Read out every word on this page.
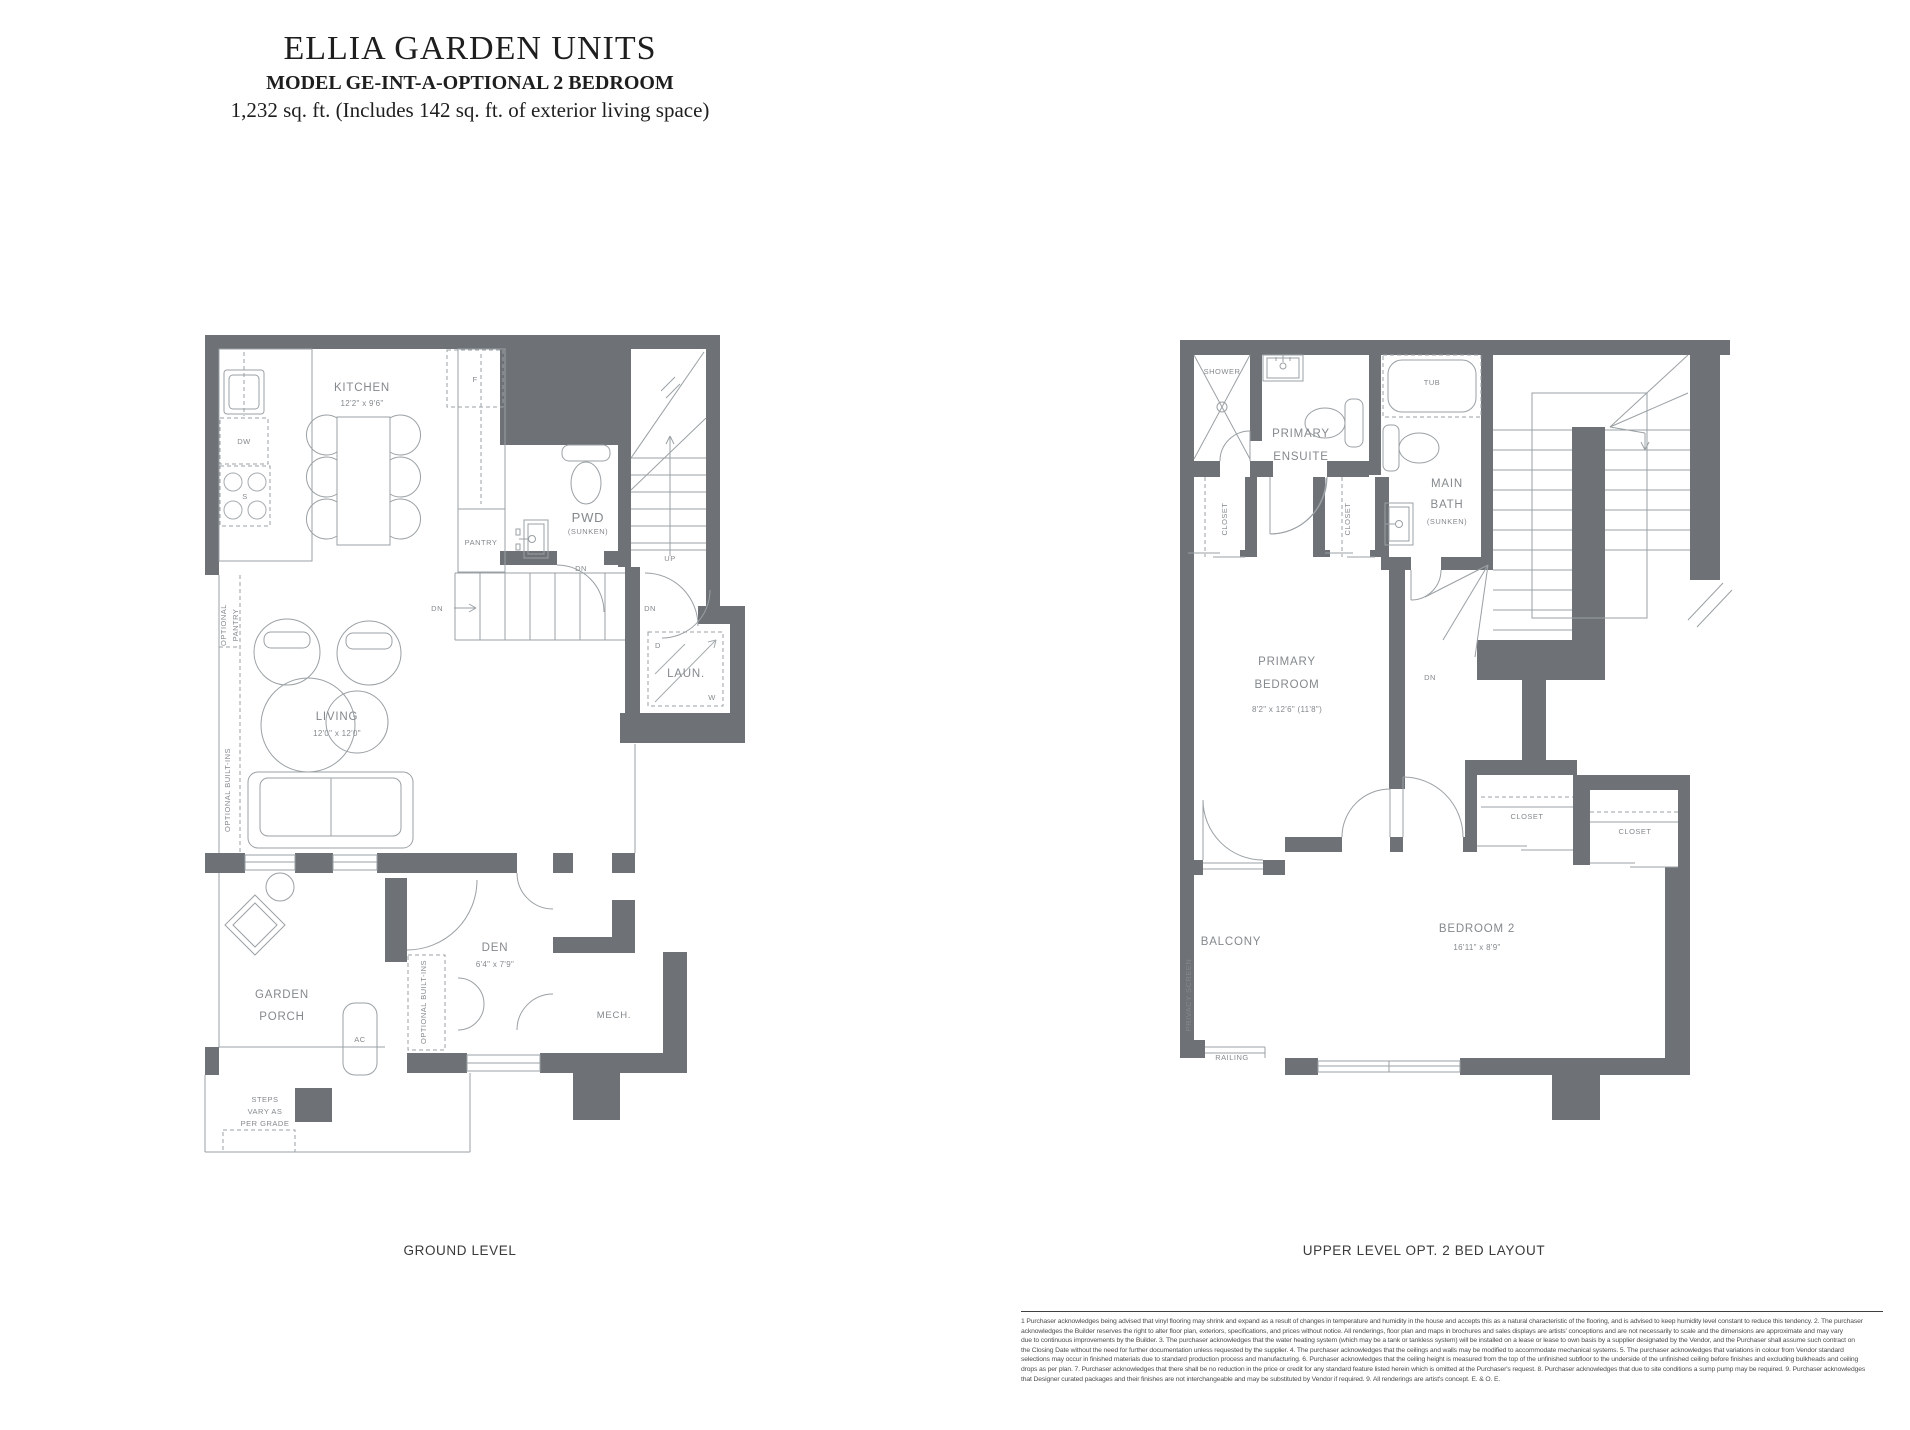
ELLIA GARDEN UNITS
MODEL GE-INT-A-OPTIONAL 2 BEDROOM
1,232 sq. ft. (Includes 142 sq. ft. of exterior living space)
KITCHEN
12'2" x 9'6"
F
DW
S
PANTRY
PWD
(SUNKEN)
DN
UP
DN	DN
D
LAUN.
W
LIVING
12'0" x 12'0"
OPTIONAL PANTRY
OPTIONAL BUILT-INS
GARDEN
PORCH
AC	OPTIONAL BUILT-INS
DEN
6'4" x 7'9"
MECH.
STEPS
VARY AS
PER GRADE
SHOWER
PRIMARY
ENSUITE
TUB
MAIN
BATH
(SUNKEN)
CLOSET	CLOSET
PRIMARY
BEDROOM
8'2" x 12'6" (11'8")
DN
CLOSET
CLOSET
BALCONY
PRIVACY SCREEN
RAILING
BEDROOM 2
16'11" x 8'9"
GROUND LEVEL	UPPER LEVEL OPT. 2 BED LAYOUT
1 Purchaser acknowledges being advised that vinyl flooring may shrink and expand as a result of changes in temperature and humidity in the house and accepts this as a natural characteristic of the flooring, and is advised to keep humidity level constant to reduce this tendency. 2. The purchaser
acknowledges the Builder reserves the right to alter floor plan, exteriors, specifications, and prices without notice. All renderings, floor plan and maps in brochures and sales displays are artists' conceptions and are not necessarily to scale and the dimensions are approximate and may vary
due to continuous improvements by the Builder. 3. The purchaser acknowledges that the water heating system (which may be a tank or tankless system) will be installed on a lease or lease to own basis by a supplier designated by the Vendor, and the Purchaser shall assume such contract on
the Closing Date without the need for further documentation unless requested by the supplier. 4. The purchaser acknowledges that the ceilings and walls may be modified to accommodate mechanical systems. 5. The purchaser acknowledges that variations in colour from Vendor standard
selections may occur in finished materials due to standard production process and manufacturing. 6. Purchaser acknowledges that the ceiling height is measured from the top of the unfinished subfloor to the underside of the unfinished ceiling before finishes and excluding bulkheads and ceiling
drops as per plan. 7. Purchaser acknowledges that there shall be no reduction in the price or credit for any standard feature listed herein which is omitted at the Purchaser's request. 8. Purchaser acknowledges that due to site conditions a sump pump may be required. 9. Purchaser acknowledges
that Designer curated packages and their finishes are not interchangeable and may be substituted by Vendor if required. 9. All renderings are artist's concept. E. & O. E.
